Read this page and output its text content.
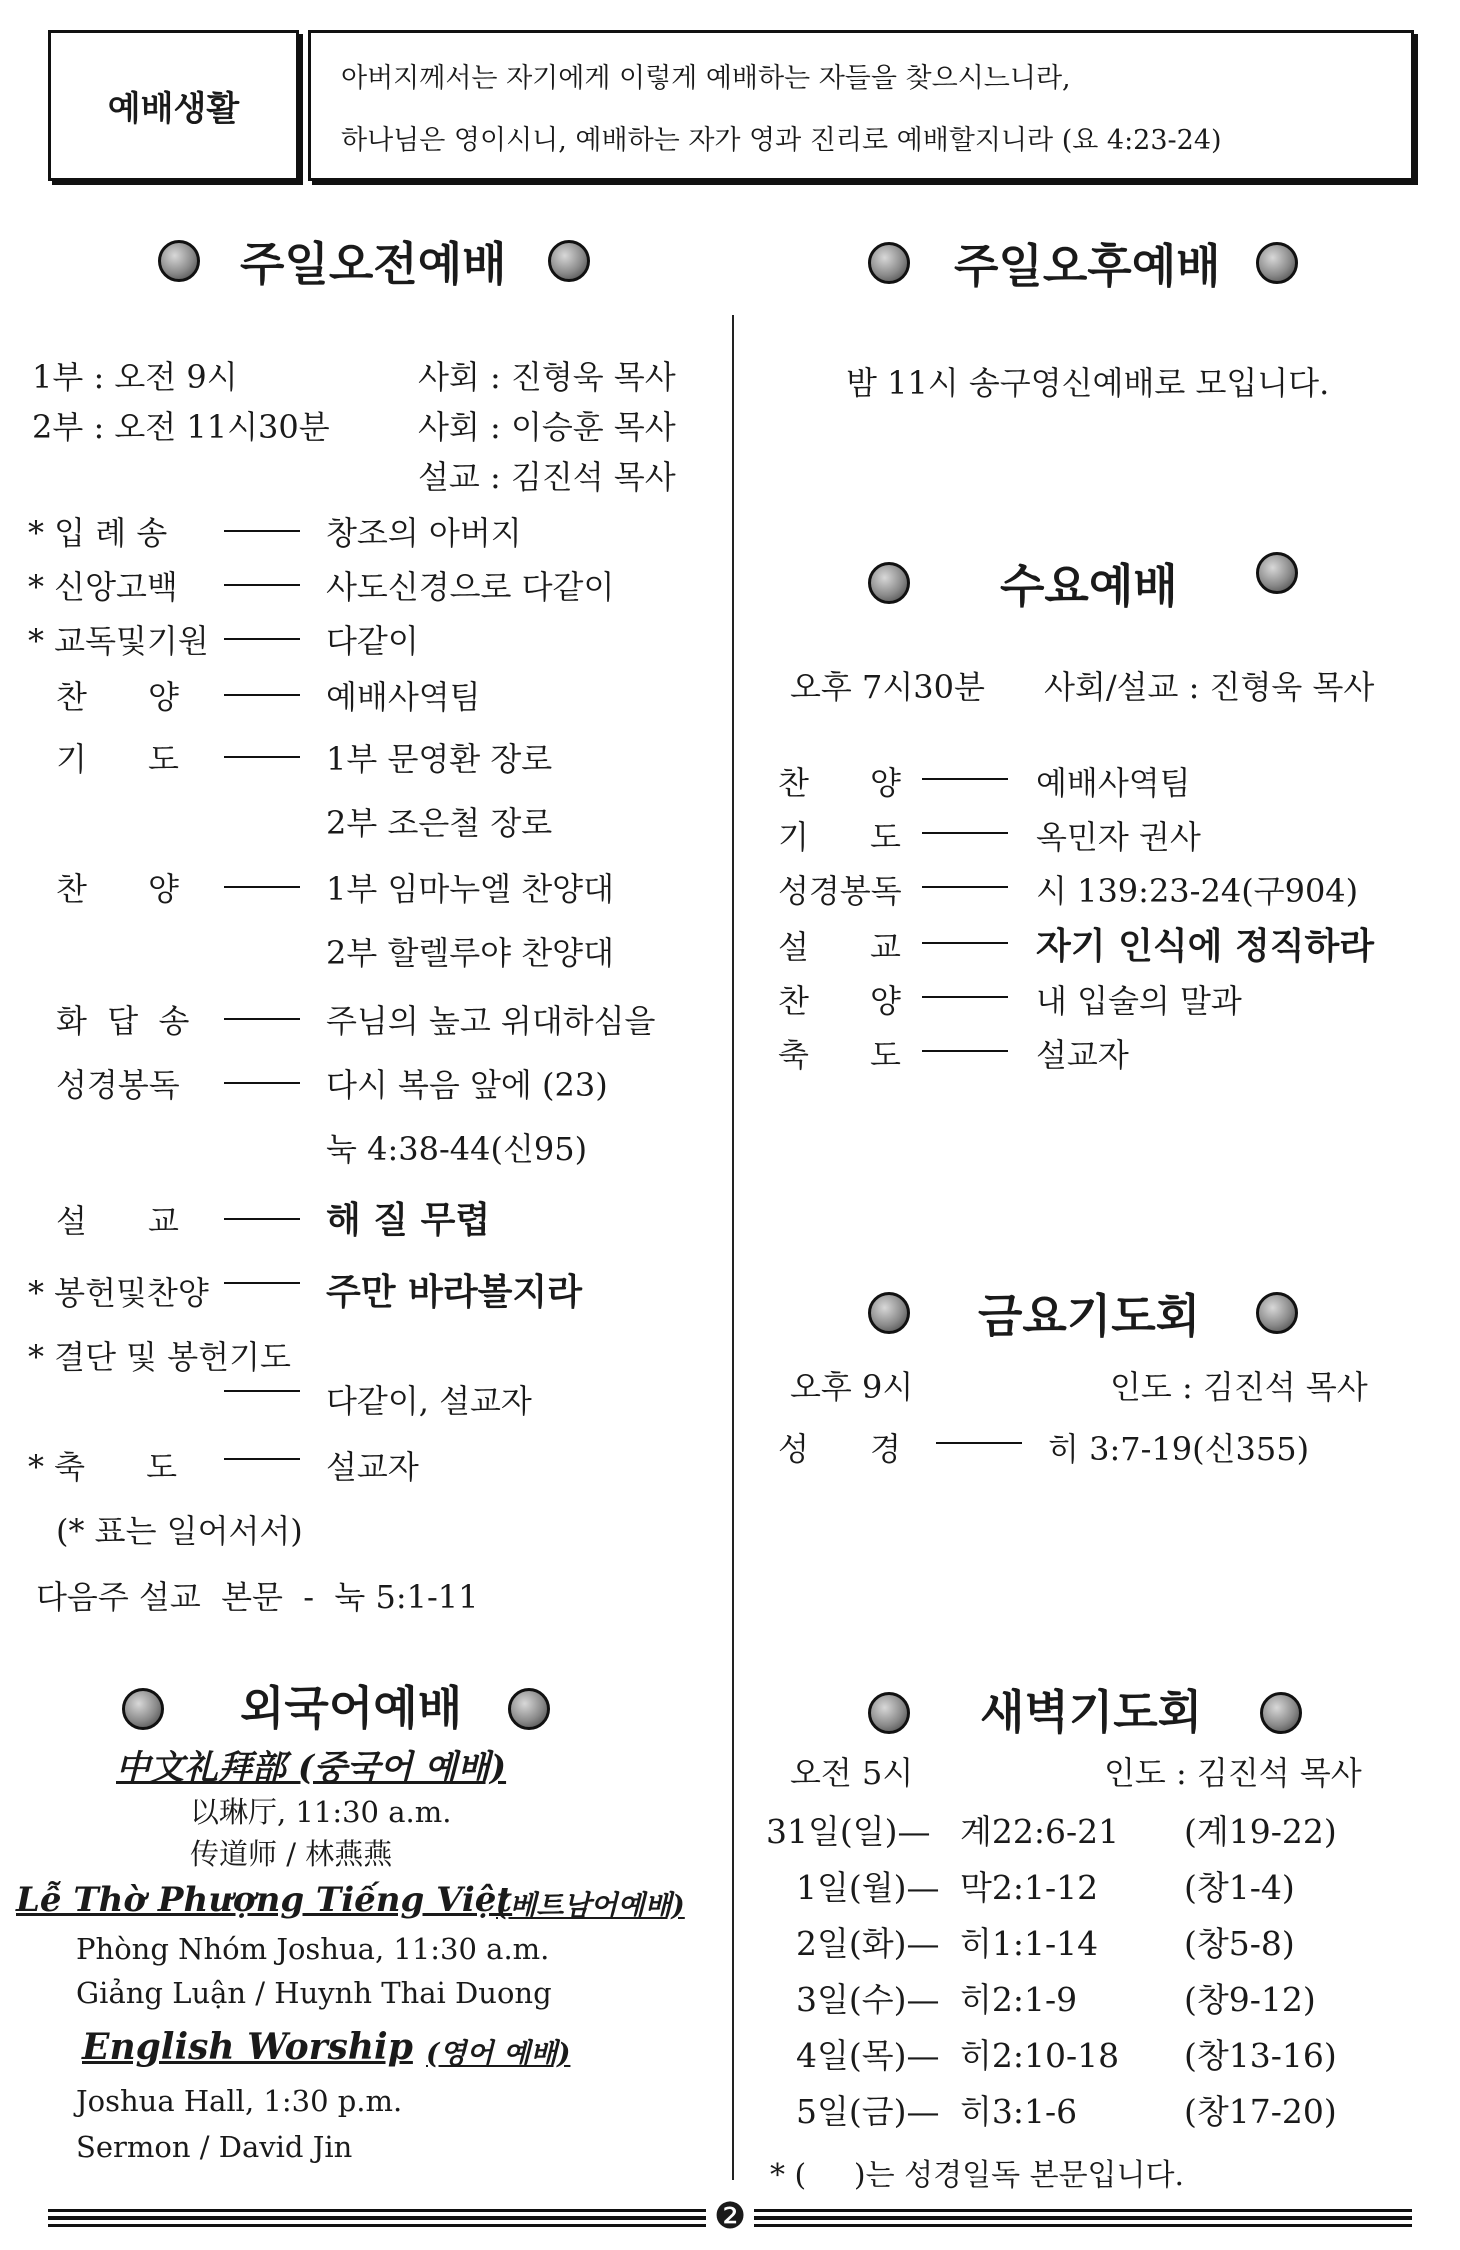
예배생활
아버지께서는 자기에게 이렇게 예배하는 자들을 찾으시느니라,
하나님은 영이시니, 예배하는 자가 영과 진리로 예배할지니라 (요 4:23-24)
주일오전예배
1부 : 오전 9시	사회 : 진형욱 목사
2부 : 오전 11시30분	사회 : 이승훈 목사
설교 : 김진석 목사
* 입 례 송	창조의 아버지
* 신앙고백	사도신경으로 다같이
* 교독및기원	다같이
찬      양	예배사역팀
기      도	1부 문영환 장로
2부 조은철 장로
찬      양	1부 임마누엘 찬양대
2부 할렐루야 찬양대
화  답  송	주님의 높고 위대하심을
성경봉독	다시 복음 앞에 (23)
눅 4:38-44(신95)
설      교	해 질 무렵
* 봉헌및찬양	주만 바라볼지라
* 결단 및 봉헌기도
다같이, 설교자
* 축      도	설교자
(* 표는 일어서서)
다음주 설교  본문  -  눅 5:1-11
외국어예배
中文礼拜部 (중국어 예배)
以琳厅, 11:30 a.m.
传道师 / 林燕燕
Lễ Thờ Phượng Tiếng Việt
(베트남어예배)
Phòng Nhóm Joshua, 11:30 a.m.
Giảng Luận / Huynh Thai Duong
English Worship (영어 예배)
Joshua Hall, 1:30 p.m.
Sermon / David Jin
주일오후예배
밤 11시 송구영신예배로 모입니다.
수요예배
오후 7시30분 사회/설교 : 진형욱 목사
찬      양	예배사역팀
기      도	옥민자 권사
성경봉독	시 139:23-24(구904)
설      교	자기 인식에 정직하라
찬      양	내 입술의 말과
축      도	설교자
금요기도회
오후 9시	인도 : 김진석 목사
성      경	히 3:7-19(신355)
새벽기도회
오전 5시	인도 : 김진석 목사
31일(일)— 계22:6-21 (계19-22)
1일(월)— 막2:1-12	(창1-4)
2일(화)— 히1:1-14	(창5-8)
3일(수)— 히2:1-9	(창9-12)
4일(목)— 히2:10-18 (창13-16)
5일(금)— 히3:1-6	(창17-20)
* (     )는 성경일독 본문입니다.
❷
